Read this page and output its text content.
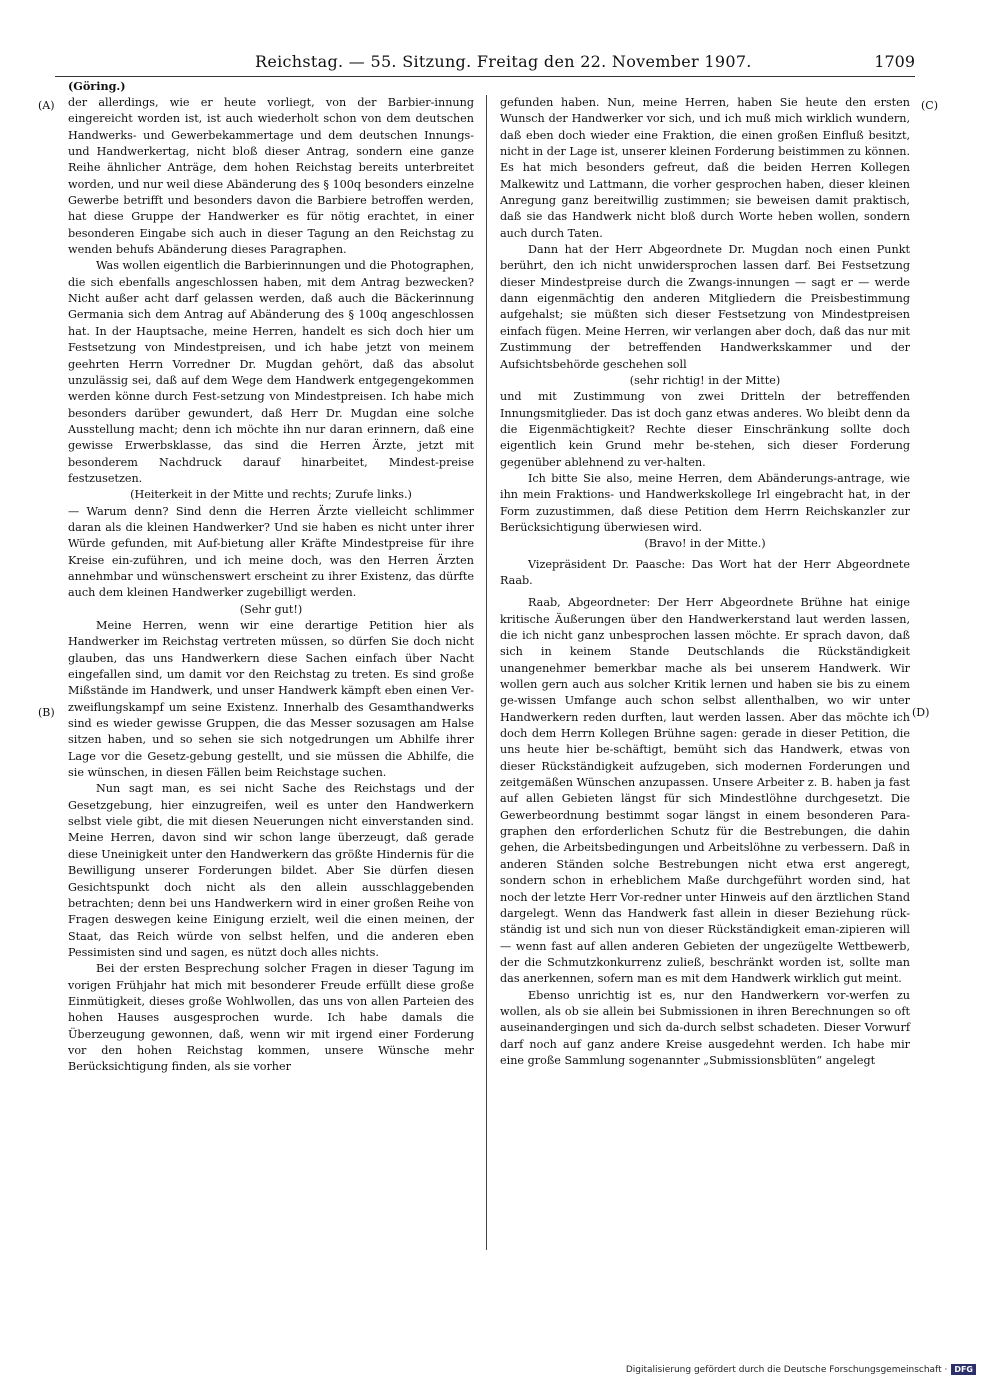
Reichstag. — 55. Sitzung. Freitag den 22. November 1907.	1709
(Göring.)
(A)
(B)
(C)
(D)

der allerdings, wie er heute vorliegt, von der Barbier-innung eingereicht worden ist, ist auch wiederholt schon von dem deutschen Handwerks- und Gewerbekammertage und dem deutschen Innungs- und Handwerkertag, nicht bloß dieser Antrag, sondern eine ganze Reihe ähnlicher Anträge, dem hohen Reichstag bereits unterbreitet worden, und nur weil diese Abänderung des § 100q besonders einzelne Gewerbe betrifft und besonders davon die Barbiere betroffen werden, hat diese Gruppe der Handwerker es für nötig erachtet, in einer besonderen Eingabe sich auch in dieser Tagung an den Reichstag zu wenden behufs Abänderung dieses Paragraphen.

Was wollen eigentlich die Barbierinnungen und die Photographen, die sich ebenfalls angeschlossen haben, mit dem Antrag bezwecken? Nicht außer acht darf gelassen werden, daß auch die Bäckerinnung Germania sich dem Antrag auf Abänderung des § 100q angeschlossen hat. In der Hauptsache, meine Herren, handelt es sich doch hier um Festsetzung von Mindestpreisen, und ich habe jetzt von meinem geehrten Herrn Vorredner Dr. Mugdan gehört, daß das absolut unzulässig sei, daß auf dem Wege dem Handwerk entgegengekommen werden könne durch Fest-setzung von Mindestpreisen. Ich habe mich besonders darüber gewundert, daß Herr Dr. Mugdan eine solche Ausstellung macht; denn ich möchte ihn nur daran erinnern, daß eine gewisse Erwerbsklasse, das sind die Herren Ärzte, jetzt mit besonderem Nachdruck darauf hinarbeitet, Mindest-preise festzusetzen.

(Heiterkeit in der Mitte und rechts; Zurufe links.)

— Warum denn? Sind denn die Herren Ärzte vielleicht schlimmer daran als die kleinen Handwerker? Und sie haben es nicht unter ihrer Würde gefunden, mit Auf-bietung aller Kräfte Mindestpreise für ihre Kreise ein-zuführen, und ich meine doch, was den Herren Ärzten annehmbar und wünschenswert erscheint zu ihrer Existenz, das dürfte auch dem kleinen Handwerker zugebilligt werden.

(Sehr gut!)

Meine Herren, wenn wir eine derartige Petition hier als Handwerker im Reichstag vertreten müssen, so dürfen Sie doch nicht glauben, das uns Handwerkern diese Sachen einfach über Nacht eingefallen sind, um damit vor den Reichstag zu treten. Es sind große Mißstände im Handwerk, und unser Handwerk kämpft eben einen Ver-zweiflungskampf um seine Existenz. Innerhalb des Gesamthandwerks sind es wieder gewisse Gruppen, die das Messer sozusagen am Halse sitzen haben, und so sehen sie sich notgedrungen um Abhilfe ihrer Lage vor die Gesetz-gebung gestellt, und sie müssen die Abhilfe, die sie wünschen, in diesen Fällen beim Reichstage suchen.

Nun sagt man, es sei nicht Sache des Reichstags und der Gesetzgebung, hier einzugreifen, weil es unter den Handwerkern selbst viele gibt, die mit diesen Neuerungen nicht einverstanden sind. Meine Herren, davon sind wir schon lange überzeugt, daß gerade diese Uneinigkeit unter den Handwerkern das größte Hindernis für die Bewilligung unserer Forderungen bildet. Aber Sie dürfen diesen Gesichtspunkt doch nicht als den allein ausschlaggebenden betrachten; denn bei uns Handwerkern wird in einer großen Reihe von Fragen deswegen keine Einigung erzielt, weil die einen meinen, der Staat, das Reich würde von selbst helfen, und die anderen eben Pessimisten sind und sagen, es nützt doch alles nichts.

Bei der ersten Besprechung solcher Fragen in dieser Tagung im vorigen Frühjahr hat mich mit besonderer Freude erfüllt diese große Einmütigkeit, dieses große Wohlwollen, das uns von allen Parteien des hohen Hauses ausgesprochen wurde. Ich habe damals die Überzeugung gewonnen, daß, wenn wir mit irgend einer Forderung vor den hohen Reichstag kommen, unsere Wünsche mehr Berücksichtigung finden, als sie vorher

gefunden haben. Nun, meine Herren, haben Sie heute den ersten Wunsch der Handwerker vor sich, und ich muß mich wirklich wundern, daß eben doch wieder eine Fraktion, die einen großen Einfluß besitzt, nicht in der Lage ist, unserer kleinen Forderung beistimmen zu können. Es hat mich besonders gefreut, daß die beiden Herren Kollegen Malkewitz und Lattmann, die vorher gesprochen haben, dieser kleinen Anregung ganz bereitwillig zustimmen; sie beweisen damit praktisch, daß sie das Handwerk nicht bloß durch Worte heben wollen, sondern auch durch Taten.

Dann hat der Herr Abgeordnete Dr. Mugdan noch einen Punkt berührt, den ich nicht unwidersprochen lassen darf. Bei Festsetzung dieser Mindestpreise durch die Zwangs-innungen — sagt er — werde dann eigenmächtig den anderen Mitgliedern die Preisbestimmung aufgehalst; sie müßten sich dieser Festsetzung von Mindestpreisen einfach fügen. Meine Herren, wir verlangen aber doch, daß das nur mit Zustimmung der betreffenden Handwerkskammer und der Aufsichtsbehörde geschehen soll

(sehr richtig! in der Mitte)

und mit Zustimmung von zwei Dritteln der betreffenden Innungsmitglieder. Das ist doch ganz etwas anderes. Wo bleibt denn da die Eigenmächtigkeit? Rechte dieser Einschränkung sollte doch eigentlich kein Grund mehr be-stehen, sich dieser Forderung gegenüber ablehnend zu ver-halten.

Ich bitte Sie also, meine Herren, dem Abänderungs-antrage, wie ihn mein Fraktions- und Handwerkskollege Irl eingebracht hat, in der Form zuzustimmen, daß diese Petition dem Herrn Reichskanzler zur Berücksichtigung überwiesen wird.

(Bravo! in der Mitte.)

Vizepräsident Dr. Paasche: Das Wort hat der Herr Abgeordnete Raab.

Raab, Abgeordneter: Der Herr Abgeordnete Brühne hat einige kritische Äußerungen über den Handwerkerstand laut werden lassen, die ich nicht ganz unbesprochen lassen möchte. Er sprach davon, daß sich in keinem Stande Deutschlands die Rückständigkeit unangenehmer bemerkbar mache als bei unserem Handwerk. Wir wollen gern auch aus solcher Kritik lernen und haben sie bis zu einem ge-wissen Umfange auch schon selbst allenthalben, wo wir unter Handwerkern reden durften, laut werden lassen. Aber das möchte ich doch dem Herrn Kollegen Brühne sagen: gerade in dieser Petition, die uns heute hier be-schäftigt, bemüht sich das Handwerk, etwas von dieser Rückständigkeit aufzugeben, sich modernen Forderungen und zeitgemäßen Wünschen anzupassen. Unsere Arbeiter z. B. haben ja fast auf allen Gebieten längst für sich Mindestlöhne durchgesetzt. Die Gewerbeordnung bestimmt sogar längst in einem besonderen Para-graphen den erforderlichen Schutz für die Bestrebungen, die dahin gehen, die Arbeitsbedingungen und Arbeitslöhne zu verbessern. Daß in anderen Ständen solche Bestrebungen nicht etwa erst angeregt, sondern schon in erheblichem Maße durchgeführt worden sind, hat noch der letzte Herr Vor-redner unter Hinweis auf den ärztlichen Stand dargelegt. Wenn das Handwerk fast allein in dieser Beziehung rück-ständig ist und sich nun von dieser Rückständigkeit eman-zipieren will — wenn fast auf allen anderen Gebieten der ungezügelte Wettbewerb, der die Schmutzkonkurrenz zuließ, beschränkt worden ist, sollte man das anerkennen, sofern man es mit dem Handwerk wirklich gut meint.

Ebenso unrichtig ist es, nur den Handwerkern vor-werfen zu wollen, als ob sie allein bei Submissionen in ihren Berechnungen so oft auseinandergingen und sich da-durch selbst schadeten. Dieser Vorwurf darf noch auf ganz andere Kreise ausgedehnt werden. Ich habe mir eine große Sammlung sogenannter „Submissionsblüten“ angelegt

Digitalisierung gefördert durch die Deutsche Forschungsgemeinschaft · DFG
